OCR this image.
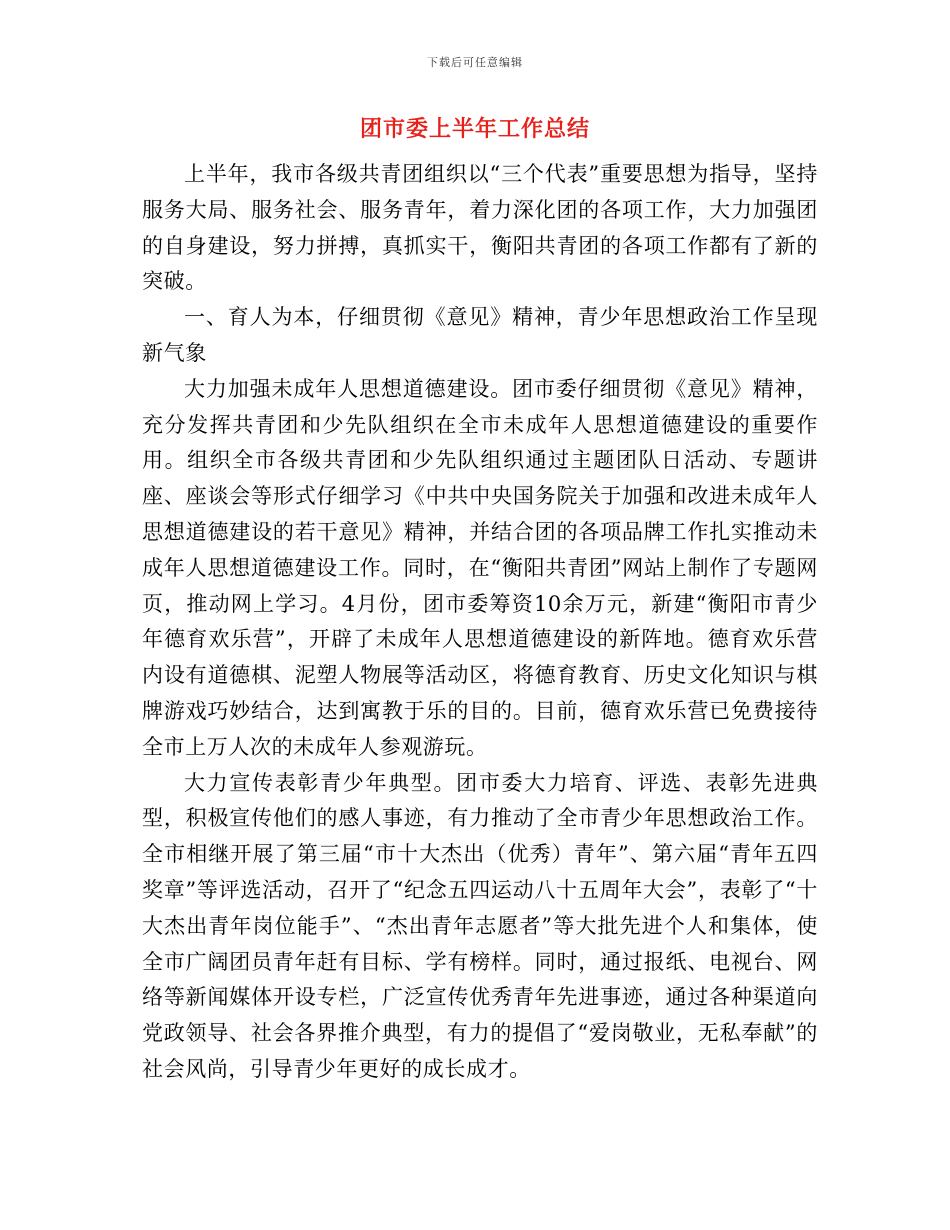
下载后可任意编辑
团市委上半年工作总结

上半年，我市各级共青团组织以“三个代表”重要思想为指导，坚持服务大局、服务社会、服务青年，着力深化团的各项工作，大力加强团的自身建设，努力拼搏，真抓实干，衡阳共青团的各项工作都有了新的突破。

一、育人为本，仔细贯彻《意见》精神，青少年思想政治工作呈现新气象

大力加强未成年人思想道德建设。团市委仔细贯彻《意见》精神，充分发挥共青团和少先队组织在全市未成年人思想道德建设的重要作用。组织全市各级共青团和少先队组织通过主题团队日活动、专题讲座、座谈会等形式仔细学习《中共中央国务院关于加强和改进未成年人思想道德建设的若干意见》精神，并结合团的各项品牌工作扎实推动未成年人思想道德建设工作。同时，在“衡阳共青团”网站上制作了专题网页，推动网上学习。4月份，团市委筹资10余万元，新建“衡阳市青少年德育欢乐营”，开辟了未成年人思想道德建设的新阵地。德育欢乐营内设有道德棋、泥塑人物展等活动区，将德育教育、历史文化知识与棋牌游戏巧妙结合，达到寓教于乐的目的。目前，德育欢乐营已免费接待全市上万人次的未成年人参观游玩。

大力宣传表彰青少年典型。团市委大力培育、评选、表彰先进典型，积极宣传他们的感人事迹，有力推动了全市青少年思想政治工作。全市相继开展了第三届“市十大杰出（优秀）青年”、第六届“青年五四奖章”等评选活动，召开了“纪念五四运动八十五周年大会”，表彰了“十大杰出青年岗位能手”、“杰出青年志愿者”等大批先进个人和集体，使全市广阔团员青年赶有目标、学有榜样。同时，通过报纸、电视台、网络等新闻媒体开设专栏，广泛宣传优秀青年先进事迹，通过各种渠道向党政领导、社会各界推介典型，有力的提倡了“爱岗敬业，无私奉献”的社会风尚，引导青少年更好的成长成才。
